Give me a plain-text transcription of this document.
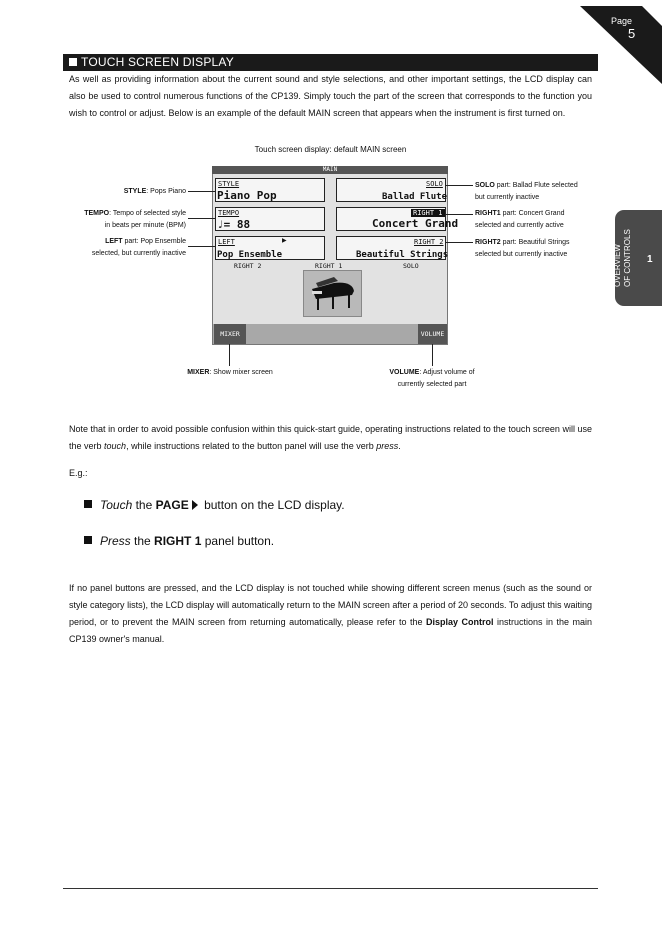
Page
5
OVERVIEW OF CONTROLS 1
TOUCH SCREEN DISPLAY

As well as providing information about the current sound and style selections, and other important settings, the LCD display can also be used to control numerous functions of the CP139. Simply touch the part of the screen that corresponds to the function you wish to control or adjust. Below is an example of the default MAIN screen that appears when the instrument is first turned on.

Touch screen display: default MAIN screen
MAIN
STYLE
Piano Pop
TEMPO
♩= 88
LEFT	▶
Pop Ensemble
SOLO
Ballad Flute
RIGHT 1
Concert Grand
RIGHT 2
Beautiful Strings
RIGHT 2	RIGHT 1	SOLO
MIXER	VOLUME
STYLE: Pops Piano
TEMPO: Tempo of selected style
in beats per minute (BPM)
LEFT part: Pop Ensemble
selected, but currently inactive
SOLO part: Ballad Flute selected
but currently inactive
RIGHT1 part: Concert Grand
selected and currently active
RIGHT2 part: Beautiful Strings
selected but currently inactive
MIXER: Show mixer screen	VOLUME: Adjust volume of
currently selected part

Note that in order to avoid possible confusion within this quick-start guide, operating instructions related to the touch screen will use the verb touch, while instructions related to the button panel will use the verb press.

E.g.:
Touch the PAGE button on the LCD display.
Press the RIGHT 1 panel button.

If no panel buttons are pressed, and the LCD display is not touched while showing different screen menus (such as the sound or style category lists), the LCD display will automatically return to the MAIN screen after a period of 20 seconds. To adjust this waiting period, or to prevent the MAIN screen from returning automatically, please refer to the Display Control instructions in the main CP139 owner's manual.
